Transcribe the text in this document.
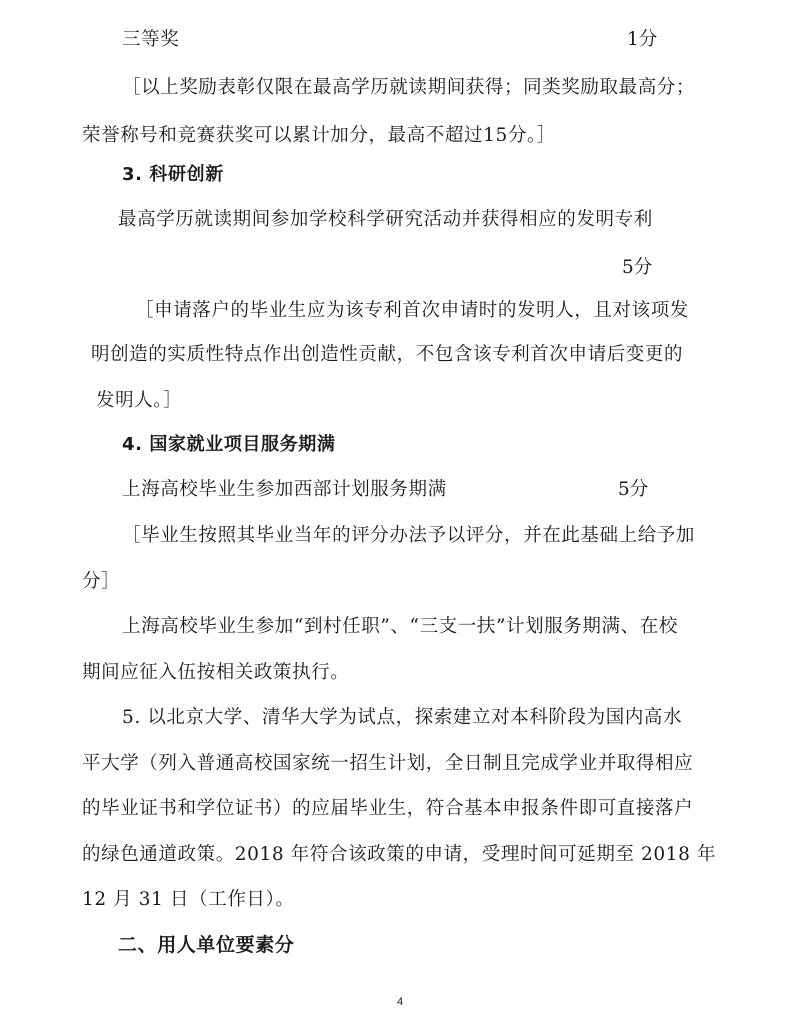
三等奖	1分
［以上奖励表彰仅限在最高学历就读期间获得；同类奖励取最高分；
荣誉称号和竞赛获奖可以累计加分，最高不超过15分。］
3. 科研创新
最高学历就读期间参加学校科学研究活动并获得相应的发明专利
5分
［申请落户的毕业生应为该专利首次申请时的发明人，且对该项发
明创造的实质性特点作出创造性贡献，不包含该专利首次申请后变更的
发明人。］
4. 国家就业项目服务期满
上海高校毕业生参加西部计划服务期满	5分
［毕业生按照其毕业当年的评分办法予以评分，并在此基础上给予加
分］
上海高校毕业生参加“到村任职”、“三支一扶”计划服务期满、在校
期间应征入伍按相关政策执行。
5. 以北京大学、清华大学为试点，探索建立对本科阶段为国内高水
平大学（列入普通高校国家统一招生计划，全日制且完成学业并取得相应
的毕业证书和学位证书）的应届毕业生，符合基本申报条件即可直接落户
的绿色通道政策。2018 年符合该政策的申请，受理时间可延期至 2018 年
12 月 31 日（工作日）。
二、用人单位要素分
4
